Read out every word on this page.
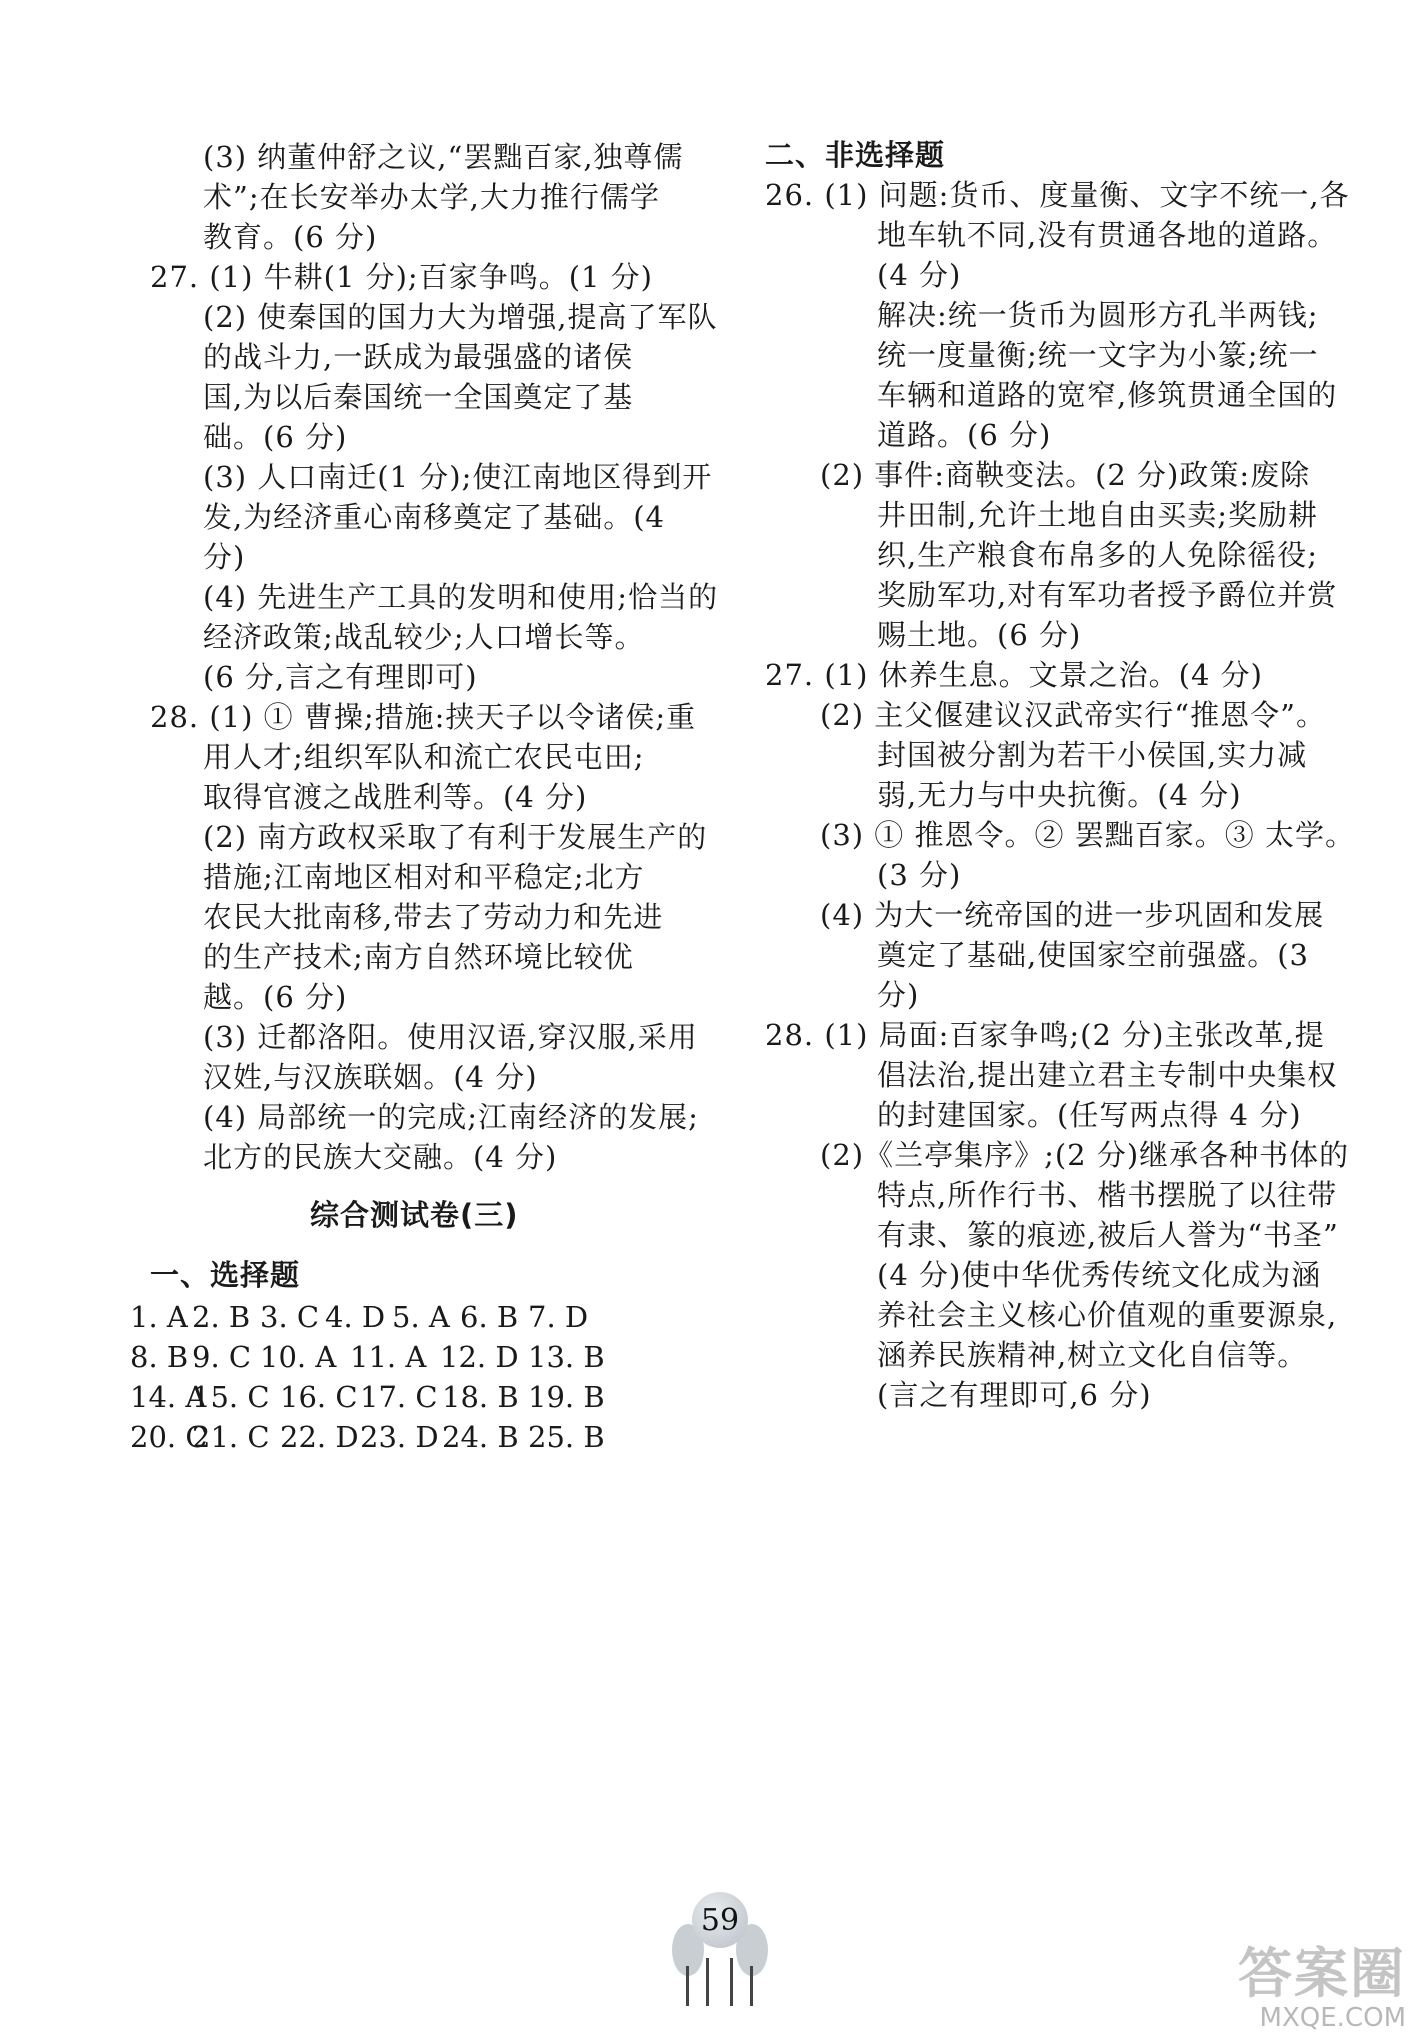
(3) 纳董仲舒之议,“罢黜百家,独尊儒
术”;在长安举办太学,大力推行儒学
教育。(6 分)
27. (1) 牛耕(1 分);百家争鸣。(1 分)
(2) 使秦国的国力大为增强,提高了军队
的战斗力,一跃成为最强盛的诸侯
国,为以后秦国统一全国奠定了基
础。(6 分)
(3) 人口南迁(1 分);使江南地区得到开
发,为经济重心南移奠定了基础。(4
分)
(4) 先进生产工具的发明和使用;恰当的
经济政策;战乱较少;人口增长等。
(6 分,言之有理即可)
28. (1) ① 曹操;措施:挟天子以令诸侯;重
用人才;组织军队和流亡农民屯田;
取得官渡之战胜利等。(4 分)
(2) 南方政权采取了有利于发展生产的
措施;江南地区相对和平稳定;北方
农民大批南移,带去了劳动力和先进
的生产技术;南方自然环境比较优
越。(6 分)
(3) 迁都洛阳。使用汉语,穿汉服,采用
汉姓,与汉族联姻。(4 分)
(4) 局部统一的完成;江南经济的发展;
北方的民族大交融。(4 分)
综合测试卷(三)
一、选择题
1. A 2. B 3. C 4. D 5. A 6. B 7. D
8. B 9. C 10. A 11. A 12. D 13. B
14. A
15. C 16. C 17. C 18. B 19. B
20. C
21. C 22. D 23. D 24. B 25. B
二、非选择题
26. (1) 问题:货币、度量衡、文字不统一,各
地车轨不同,没有贯通各地的道路。
(4 分)
解决:统一货币为圆形方孔半两钱;
统一度量衡;统一文字为小篆;统一
车辆和道路的宽窄,修筑贯通全国的
道路。(6 分)
(2) 事件:商鞅变法。(2 分)政策:废除
井田制,允许土地自由买卖;奖励耕
织,生产粮食布帛多的人免除徭役;
奖励军功,对有军功者授予爵位并赏
赐土地。(6 分)
27. (1) 休养生息。文景之治。(4 分)
(2) 主父偃建议汉武帝实行“推恩令”。
封国被分割为若干小侯国,实力减
弱,无力与中央抗衡。(4 分)
(3) ① 推恩令。② 罢黜百家。③ 太学。
(3 分)
(4) 为大一统帝国的进一步巩固和发展
奠定了基础,使国家空前强盛。(3
分)
28. (1) 局面:百家争鸣;(2 分)主张改革,提
倡法治,提出建立君主专制中央集权
的封建国家。(任写两点得 4 分)
(2)《兰亭集序》;(2 分)继承各种书体的
特点,所作行书、楷书摆脱了以往带
有隶、篆的痕迹,被后人誉为“书圣”
(4 分)使中华优秀传统文化成为涵
养社会主义核心价值观的重要源泉,
涵养民族精神,树立文化自信等。
(言之有理即可,6 分)
59
答案圈
MXQE.COM
